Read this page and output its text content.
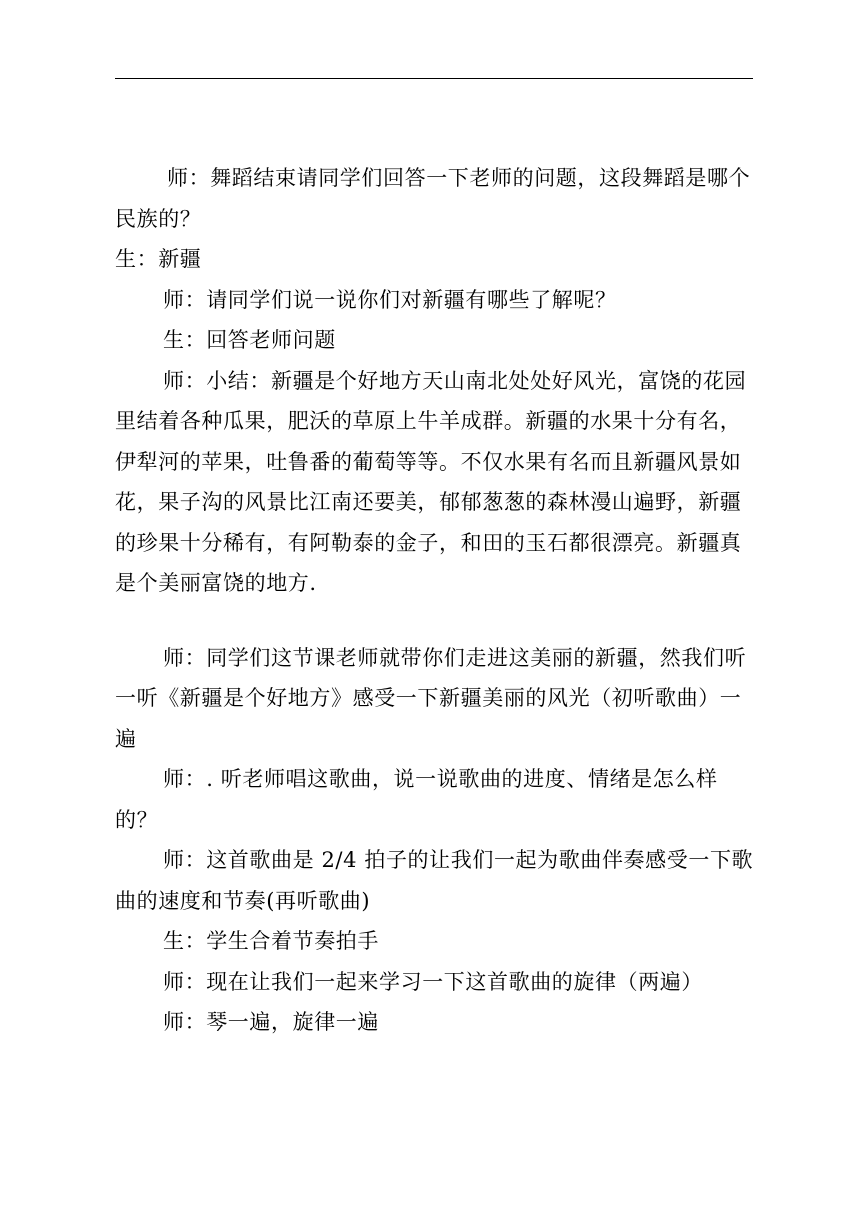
师：舞蹈结束请同学们回答一下老师的问题，这段舞蹈是哪个民族的？

生：新疆

师：请同学们说一说你们对新疆有哪些了解呢？

生：回答老师问题

师：小结：新疆是个好地方天山南北处处好风光，富饶的花园里结着各种瓜果，肥沃的草原上牛羊成群。新疆的水果十分有名，伊犁河的苹果，吐鲁番的葡萄等等。不仅水果有名而且新疆风景如花，果子沟的风景比江南还要美，郁郁葱葱的森林漫山遍野，新疆的珍果十分稀有，有阿勒泰的金子，和田的玉石都很漂亮。新疆真是个美丽富饶的地方.

师：同学们这节课老师就带你们走进这美丽的新疆，然我们听一听《新疆是个好地方》感受一下新疆美丽的风光（初听歌曲）一遍

师：. 听老师唱这歌曲，说一说歌曲的进度、情绪是怎么样的？

师：这首歌曲是 2/4 拍子的让我们一起为歌曲伴奏感受一下歌曲的速度和节奏(再听歌曲)

生：学生合着节奏拍手

师：现在让我们一起来学习一下这首歌曲的旋律（两遍）

师：琴一遍，旋律一遍
